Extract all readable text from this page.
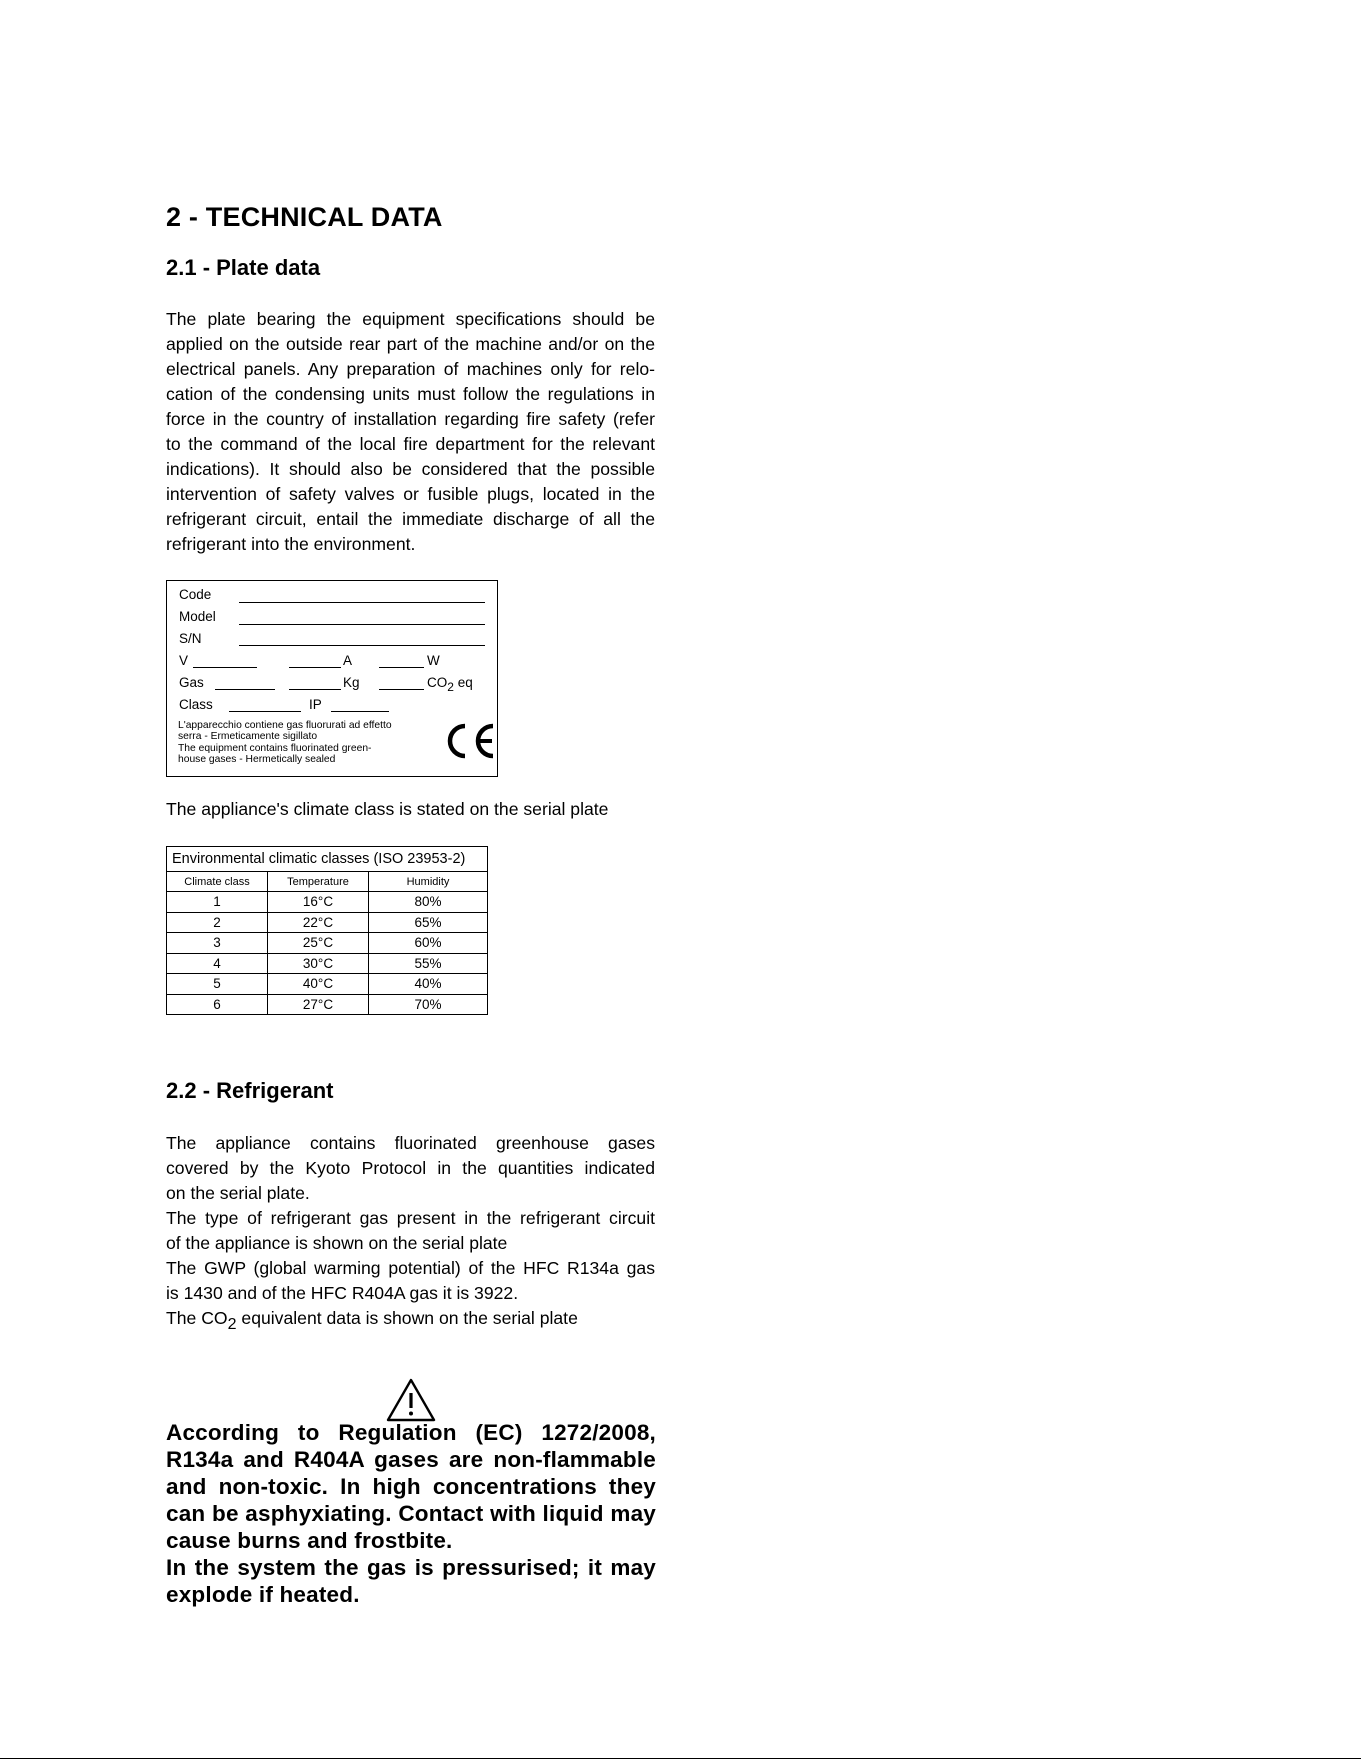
2 - TECHNICAL DATA
2.1 - Plate data
The plate bearing the equipment specifications should be
applied on the outside rear part of the machine and/or on the
electrical panels. Any preparation of machines only for relo-
cation of the condensing units must follow the regulations in
force in the country of installation regarding fire safety (refer
to the command of the local fire department for the relevant
indications). It should also be considered that the possible
intervention of safety valves or fusible plugs, located in the
refrigerant circuit, entail the immediate discharge of all the
refrigerant into the environment.
Code
Model
S/N
V	A	W
Gas	Kg	$CO_2$ eq
Class	IP
L'apparecchio contiene gas fluorurati ad effetto
serra - Ermeticamente sigillato
The equipment contains fluorinated green-
house gases - Hermetically sealed
The appliance's climate class is stated on the serial plate
Environmental climatic classes (ISO 23953-2)		
Climate class	Temperature	Humidity
1	16°C	80%
2	22°C	65%
3	25°C	60%
4	30°C	55%
5	40°C	40%
6	27°C	70%
2.2 - Refrigerant
The appliance contains fluorinated greenhouse gases
covered by the Kyoto Protocol in the quantities indicated
on the serial plate.
The type of refrigerant gas present in the refrigerant circuit
of the appliance is shown on the serial plate
The GWP (global warming potential) of the HFC R134a gas
is 1430 and of the HFC R404A gas it is 3922.
The $CO_2$ equivalent data is shown on the serial plate
According to Regulation (EC) 1272/2008,
R134a and R404A gases are non-flammable
and non-toxic. In high concentrations they
can be asphyxiating. Contact with liquid may
cause burns and frostbite.
In the system the gas is pressurised; it may
explode if heated.
